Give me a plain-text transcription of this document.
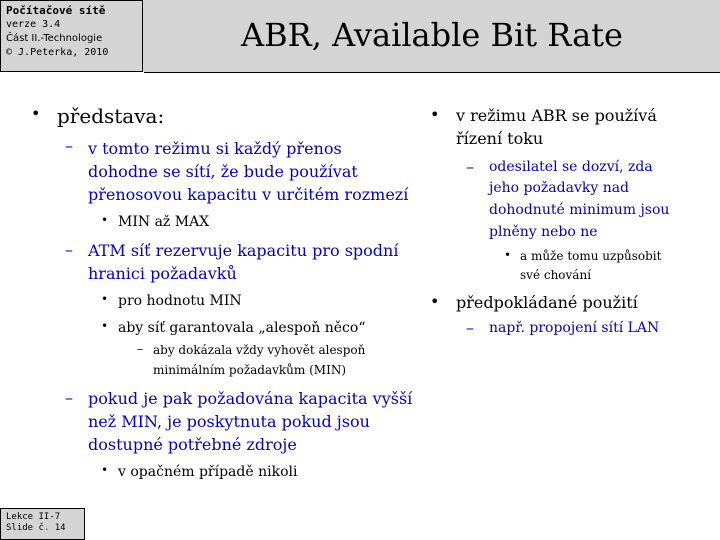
Počítačové sítě
verze 3.4
Část II.-Technologie
© J.Peterka, 2010	ABR, Available Bit Rate
• představa:
– v tomto režimu si každý přenos
dohodne se sítí, že bude používat
přenosovou kapacitu v určitém rozmezí
• MIN až MAX
– ATM síť rezervuje kapacitu pro spodní
hranici požadavků
• pro hodnotu MIN
• aby síť garantovala „alespoň něco“
– aby dokázala vždy vyhovět alespoň
minimálním požadavkům (MIN)
– pokud je pak požadována kapacita vyšší
než MIN, je poskytnuta pokud jsou
dostupné potřebné zdroje
• v opačném případě nikoli
• v režimu ABR se používá
řízení toku
– odesilatel se dozví, zda
jeho požadavky nad
dohodnuté minimum jsou
plněny nebo ne
• a může tomu uzpůsobit
své chování
• předpokládané použití
– např. propojení sítí LAN
Lekce II-7
Slide č. 14
